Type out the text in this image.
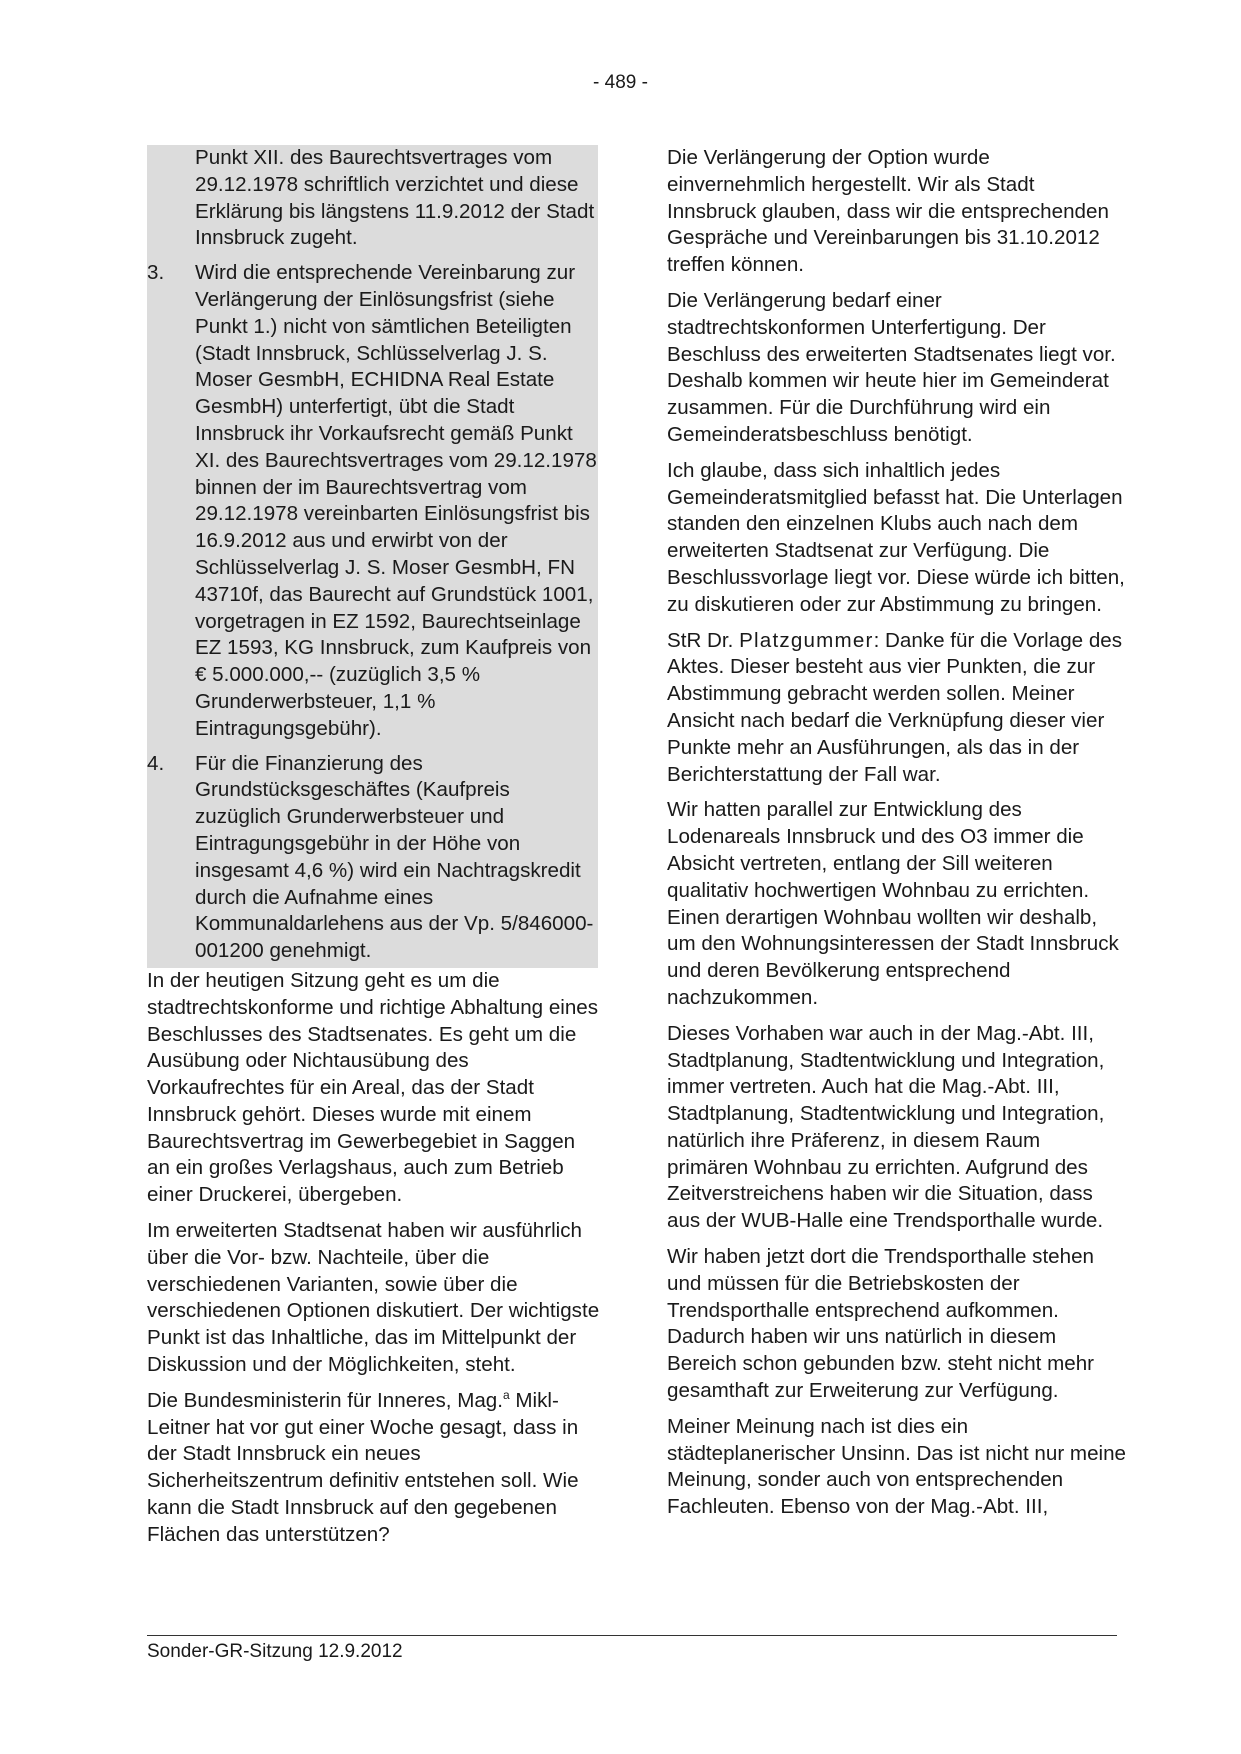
- 489 -

Punkt XII. des Baurechtsvertrages vom 29.12.1978 schriftlich verzichtet und diese Erklärung bis längstens 11.9.2012 der Stadt Innsbruck zugeht.

3.	Wird die entsprechende Vereinbarung zur Verlängerung der Einlösungsfrist (siehe Punkt 1.) nicht von sämtlichen Beteiligten (Stadt Innsbruck, Schlüsselverlag J. S. Moser GesmbH, ECHIDNA Real Estate GesmbH) unterfertigt, übt die Stadt Innsbruck ihr Vorkaufsrecht gemäß Punkt XI. des Baurechtsvertrages vom 29.12.1978 binnen der im Baurechtsvertrag vom 29.12.1978 vereinbarten Einlösungsfrist bis 16.9.2012 aus und erwirbt von der Schlüsselverlag J. S. Moser GesmbH, FN 43710f, das Baurecht auf Grundstück 1001, vorgetragen in EZ 1592, Baurechtseinlage EZ 1593, KG Innsbruck, zum Kaufpreis von € 5.000.000,-- (zuzüglich 3,5 % Grunderwerbsteuer, 1,1 % Eintragungsgebühr).
4.	Für die Finanzierung des Grundstücksgeschäftes (Kaufpreis zuzüglich Grunderwerbsteuer und Eintragungsgebühr in der Höhe von insgesamt 4,6 %) wird ein Nachtragskredit durch die Aufnahme eines Kommunaldarlehens aus der Vp. 5/846000-001200 genehmigt.

In der heutigen Sitzung geht es um die stadtrechtskonforme und richtige Abhaltung eines Beschlusses des Stadtsenates. Es geht um die Ausübung oder Nichtausübung des Vorkaufrechtes für ein Areal, das der Stadt Innsbruck gehört. Dieses wurde mit einem Baurechtsvertrag im Gewerbegebiet in Saggen an ein großes Verlagshaus, auch zum Betrieb einer Druckerei, übergeben.

Im erweiterten Stadtsenat haben wir ausführlich über die Vor- bzw. Nachteile, über die verschiedenen Varianten, sowie über die verschiedenen Optionen diskutiert. Der wichtigste Punkt ist das Inhaltliche, das im Mittelpunkt der Diskussion und der Möglichkeiten, steht.

Die Bundesministerin für Inneres, Mag.$^a$ Mikl-Leitner hat vor gut einer Woche gesagt, dass in der Stadt Innsbruck ein neues Sicherheitszentrum definitiv entstehen soll. Wie kann die Stadt Innsbruck auf den gegebenen Flächen das unterstützen?

Die Verlängerung der Option wurde einvernehmlich hergestellt. Wir als Stadt Innsbruck glauben, dass wir die entsprechenden Gespräche und Vereinbarungen bis 31.10.2012 treffen können.

Die Verlängerung bedarf einer stadtrechtskonformen Unterfertigung. Der Beschluss des erweiterten Stadtsenates liegt vor. Deshalb kommen wir heute hier im Gemeinderat zusammen. Für die Durchführung wird ein Gemeinderatsbeschluss benötigt.

Ich glaube, dass sich inhaltlich jedes Gemeinderatsmitglied befasst hat. Die Unterlagen standen den einzelnen Klubs auch nach dem erweiterten Stadtsenat zur Verfügung. Die Beschlussvorlage liegt vor. Diese würde ich bitten, zu diskutieren oder zur Abstimmung zu bringen.

StR Dr. Platzgummer: Danke für die Vorlage des Aktes. Dieser besteht aus vier Punkten, die zur Abstimmung gebracht werden sollen. Meiner Ansicht nach bedarf die Verknüpfung dieser vier Punkte mehr an Ausführungen, als das in der Berichterstattung der Fall war.

Wir hatten parallel zur Entwicklung des Lodenareals Innsbruck und des O3 immer die Absicht vertreten, entlang der Sill weiteren qualitativ hochwertigen Wohnbau zu errichten. Einen derartigen Wohnbau wollten wir deshalb, um den Wohnungsinteressen der Stadt Innsbruck und deren Bevölkerung entsprechend nachzukommen.

Dieses Vorhaben war auch in der Mag.-Abt. III, Stadtplanung, Stadtentwicklung und Integration, immer vertreten. Auch hat die Mag.-Abt. III, Stadtplanung, Stadtentwicklung und Integration, natürlich ihre Präferenz, in diesem Raum primären Wohnbau zu errichten. Aufgrund des Zeitverstreichens haben wir die Situation, dass aus der WUB-Halle eine Trendsporthalle wurde.

Wir haben jetzt dort die Trendsporthalle stehen und müssen für die Betriebskosten der Trendsporthalle entsprechend aufkommen. Dadurch haben wir uns natürlich in diesem Bereich schon gebunden bzw. steht nicht mehr gesamthaft zur Erweiterung zur Verfügung.

Meiner Meinung nach ist dies ein städteplanerischer Unsinn. Das ist nicht nur meine Meinung, sonder auch von entsprechenden Fachleuten. Ebenso von der Mag.-Abt. III,

Sonder-GR-Sitzung 12.9.2012
